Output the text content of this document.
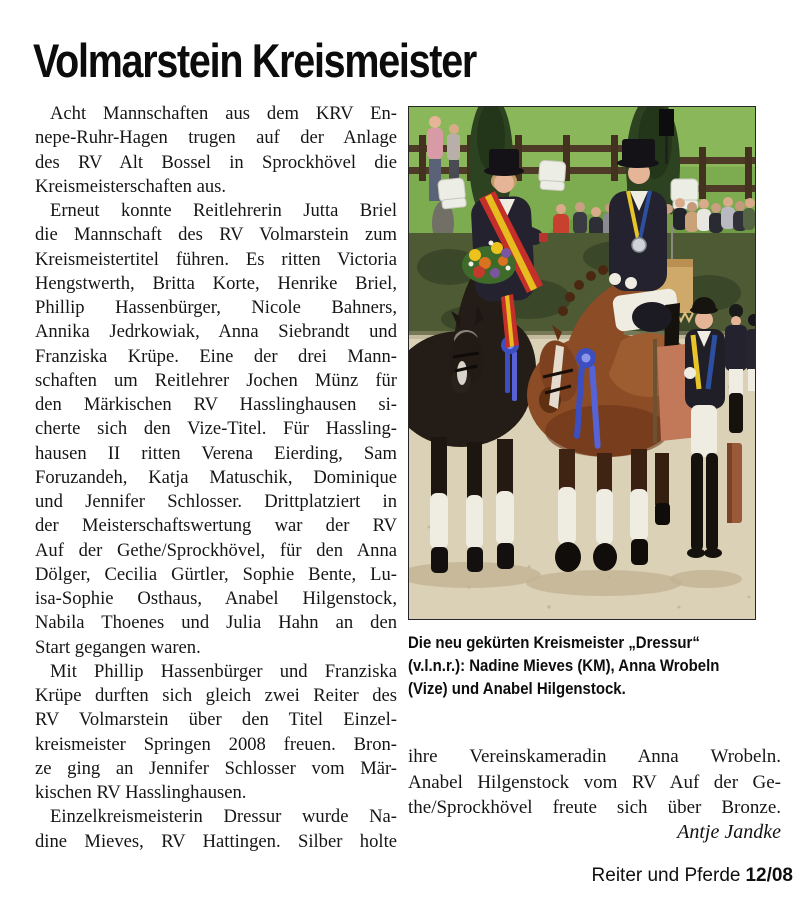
Volmarstein Kreismeister
Acht Mannschaften aus dem KRV En-
nepe-Ruhr-Hagen trugen auf der Anlage
des RV Alt Bossel in Sprockhövel die
Kreismeisterschaften aus.
Erneut konnte Reitlehrerin Jutta Briel
die Mannschaft des RV Volmarstein zum
Kreismeistertitel führen. Es ritten Victoria
Hengstwerth, Britta Korte, Henrike Briel,
Phillip Hassenbürger, Nicole Bahners,
Annika Jedrkowiak, Anna Siebrandt und
Franziska Krüpe. Eine der drei Mann-
schaften um Reitlehrer Jochen Münz für
den Märkischen RV Hasslinghausen si-
cherte sich den Vize-Titel. Für Hassling-
hausen II ritten Verena Eierding, Sam
Foruzandeh, Katja Matuschik, Dominique
und Jennifer Schlosser. Drittplatziert in
der Meisterschaftswertung war der RV
Auf der Gethe/Sprockhövel, für den Anna
Dölger, Cecilia Gürtler, Sophie Bente, Lu-
isa-Sophie Osthaus, Anabel Hilgenstock,
Nabila Thoenes und Julia Hahn an den
Start gegangen waren.
Mit Phillip Hassenbürger und Franziska
Krüpe durften sich gleich zwei Reiter des
RV Volmarstein über den Titel Einzel-
kreismeister Springen 2008 freuen. Bron-
ze ging an Jennifer Schlosser vom Mär-
kischen RV Hasslinghausen.
Einzelkreismeisterin Dressur wurde Na-
dine Mieves, RV Hattingen. Silber holte
Die neu gekürten Kreismeister „Dressur“
(v.l.n.r.): Nadine Mieves (KM), Anna Wrobeln
(Vize) und Anabel Hilgenstock.
ihre Vereinskameradin Anna Wrobeln.
Anabel Hilgenstock vom RV Auf der Ge-
the/Sprockhövel freute sich über Bronze.
Antje Jandke
Reiter und Pferde 12/08
